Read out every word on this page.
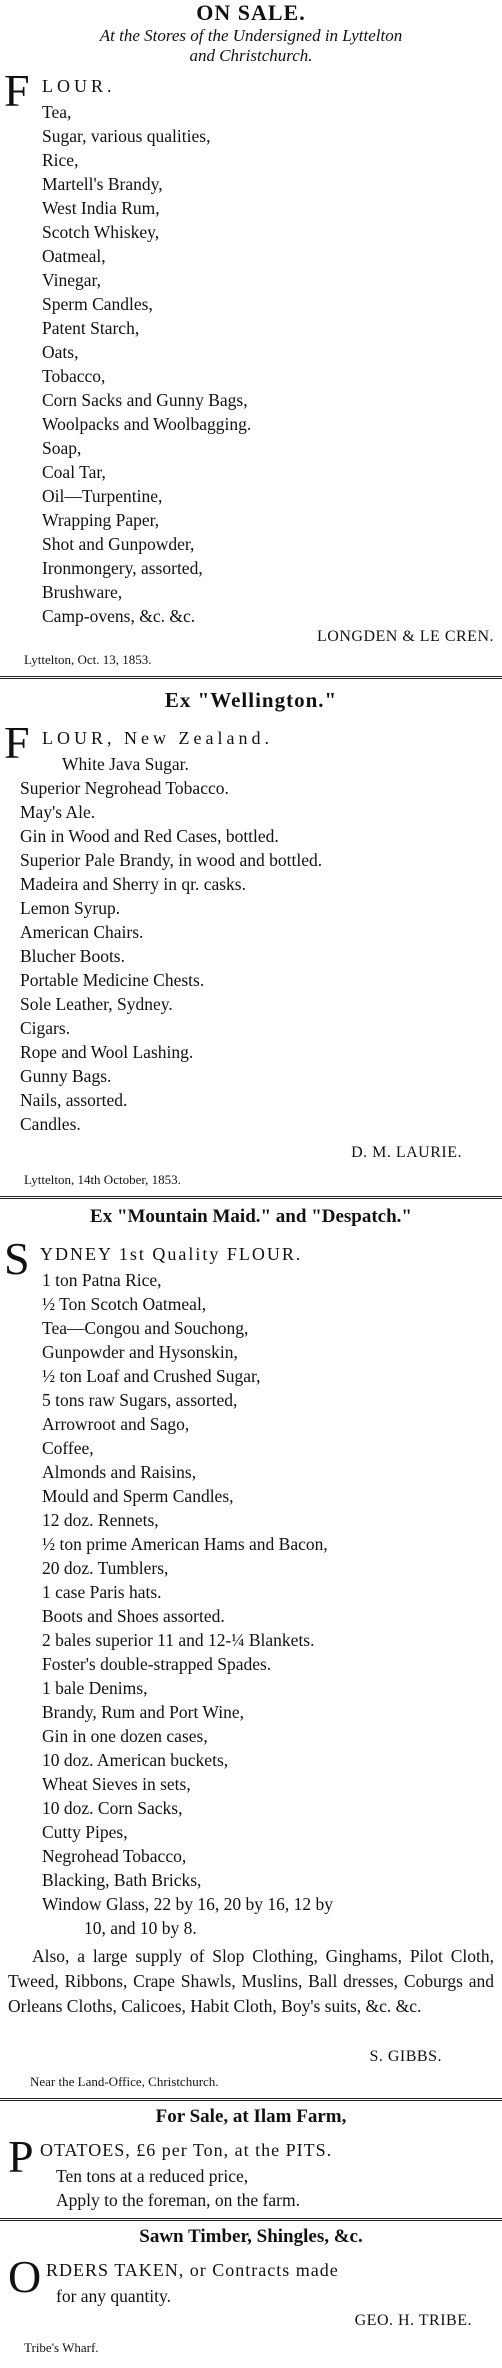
ON SALE.
At the Stores of the Undersigned in Lyttelton
and Christchurch.
F LOUR.
Tea,
Sugar, various qualities,
Rice,
Martell's Brandy,
West India Rum,
Scotch Whiskey,
Oatmeal,
Vinegar,
Sperm Candles,
Patent Starch,
Oats,
Tobacco,
Corn Sacks and Gunny Bags,
Woolpacks and Woolbagging.
Soap,
Coal Tar,
Oil—Turpentine,
Wrapping Paper,
Shot and Gunpowder,
Ironmongery, assorted,
Brushware,
Camp-ovens, &c. &c.
LONGDEN & LE CREN.
Lyttelton, Oct. 13, 1853.
Ex "Wellington."
F LOUR, New Zealand.
White Java Sugar.
Superior Negrohead Tobacco.
May's Ale.
Gin in Wood and Red Cases, bottled.
Superior Pale Brandy, in wood and bottled.
Madeira and Sherry in qr. casks.
Lemon Syrup.
American Chairs.
Blucher Boots.
Portable Medicine Chests.
Sole Leather, Sydney.
Cigars.
Rope and Wool Lashing.
Gunny Bags.
Nails, assorted.
Candles.
D. M. LAURIE.
Lyttelton, 14th October, 1853.
Ex "Mountain Maid." and "Despatch."
S YDNEY 1st Quality FLOUR.
1 ton Patna Rice,
½ Ton Scotch Oatmeal,
Tea—Congou and Souchong,
Gunpowder and Hysonskin,
½ ton Loaf and Crushed Sugar,
5 tons raw Sugars, assorted,
Arrowroot and Sago,
Coffee,
Almonds and Raisins,
Mould and Sperm Candles,
12 doz. Rennets,
½ ton prime American Hams and Bacon,
20 doz. Tumblers,
1 case Paris hats.
Boots and Shoes assorted.
2 bales superior 11 and 12-¼ Blankets.
Foster's double-strapped Spades.
1 bale Denims,
Brandy, Rum and Port Wine,
Gin in one dozen cases,
10 doz. American buckets,
Wheat Sieves in sets,
10 doz. Corn Sacks,
Cutty Pipes,
Negrohead Tobacco,
Blacking, Bath Bricks,
Window Glass, 22 by 16, 20 by 16, 12 by
10, and 10 by 8.
Also, a large supply of Slop Clothing, Ginghams, Pilot Cloth, Tweed, Ribbons, Crape Shawls, Muslins, Ball dresses, Coburgs and Orleans Cloths, Calicoes, Habit Cloth, Boy's suits, &c. &c.
S. GIBBS.
Near the Land-Office, Christchurch.
For Sale, at Ilam Farm,
P OTATOES, £6 per Ton, at the PITS.
Ten tons at a reduced price,
Apply to the foreman, on the farm.
Sawn Timber, Shingles, &c.
O RDERS TAKEN, or Contracts made
for any quantity.
GEO. H. TRIBE.
Tribe's Wharf.
